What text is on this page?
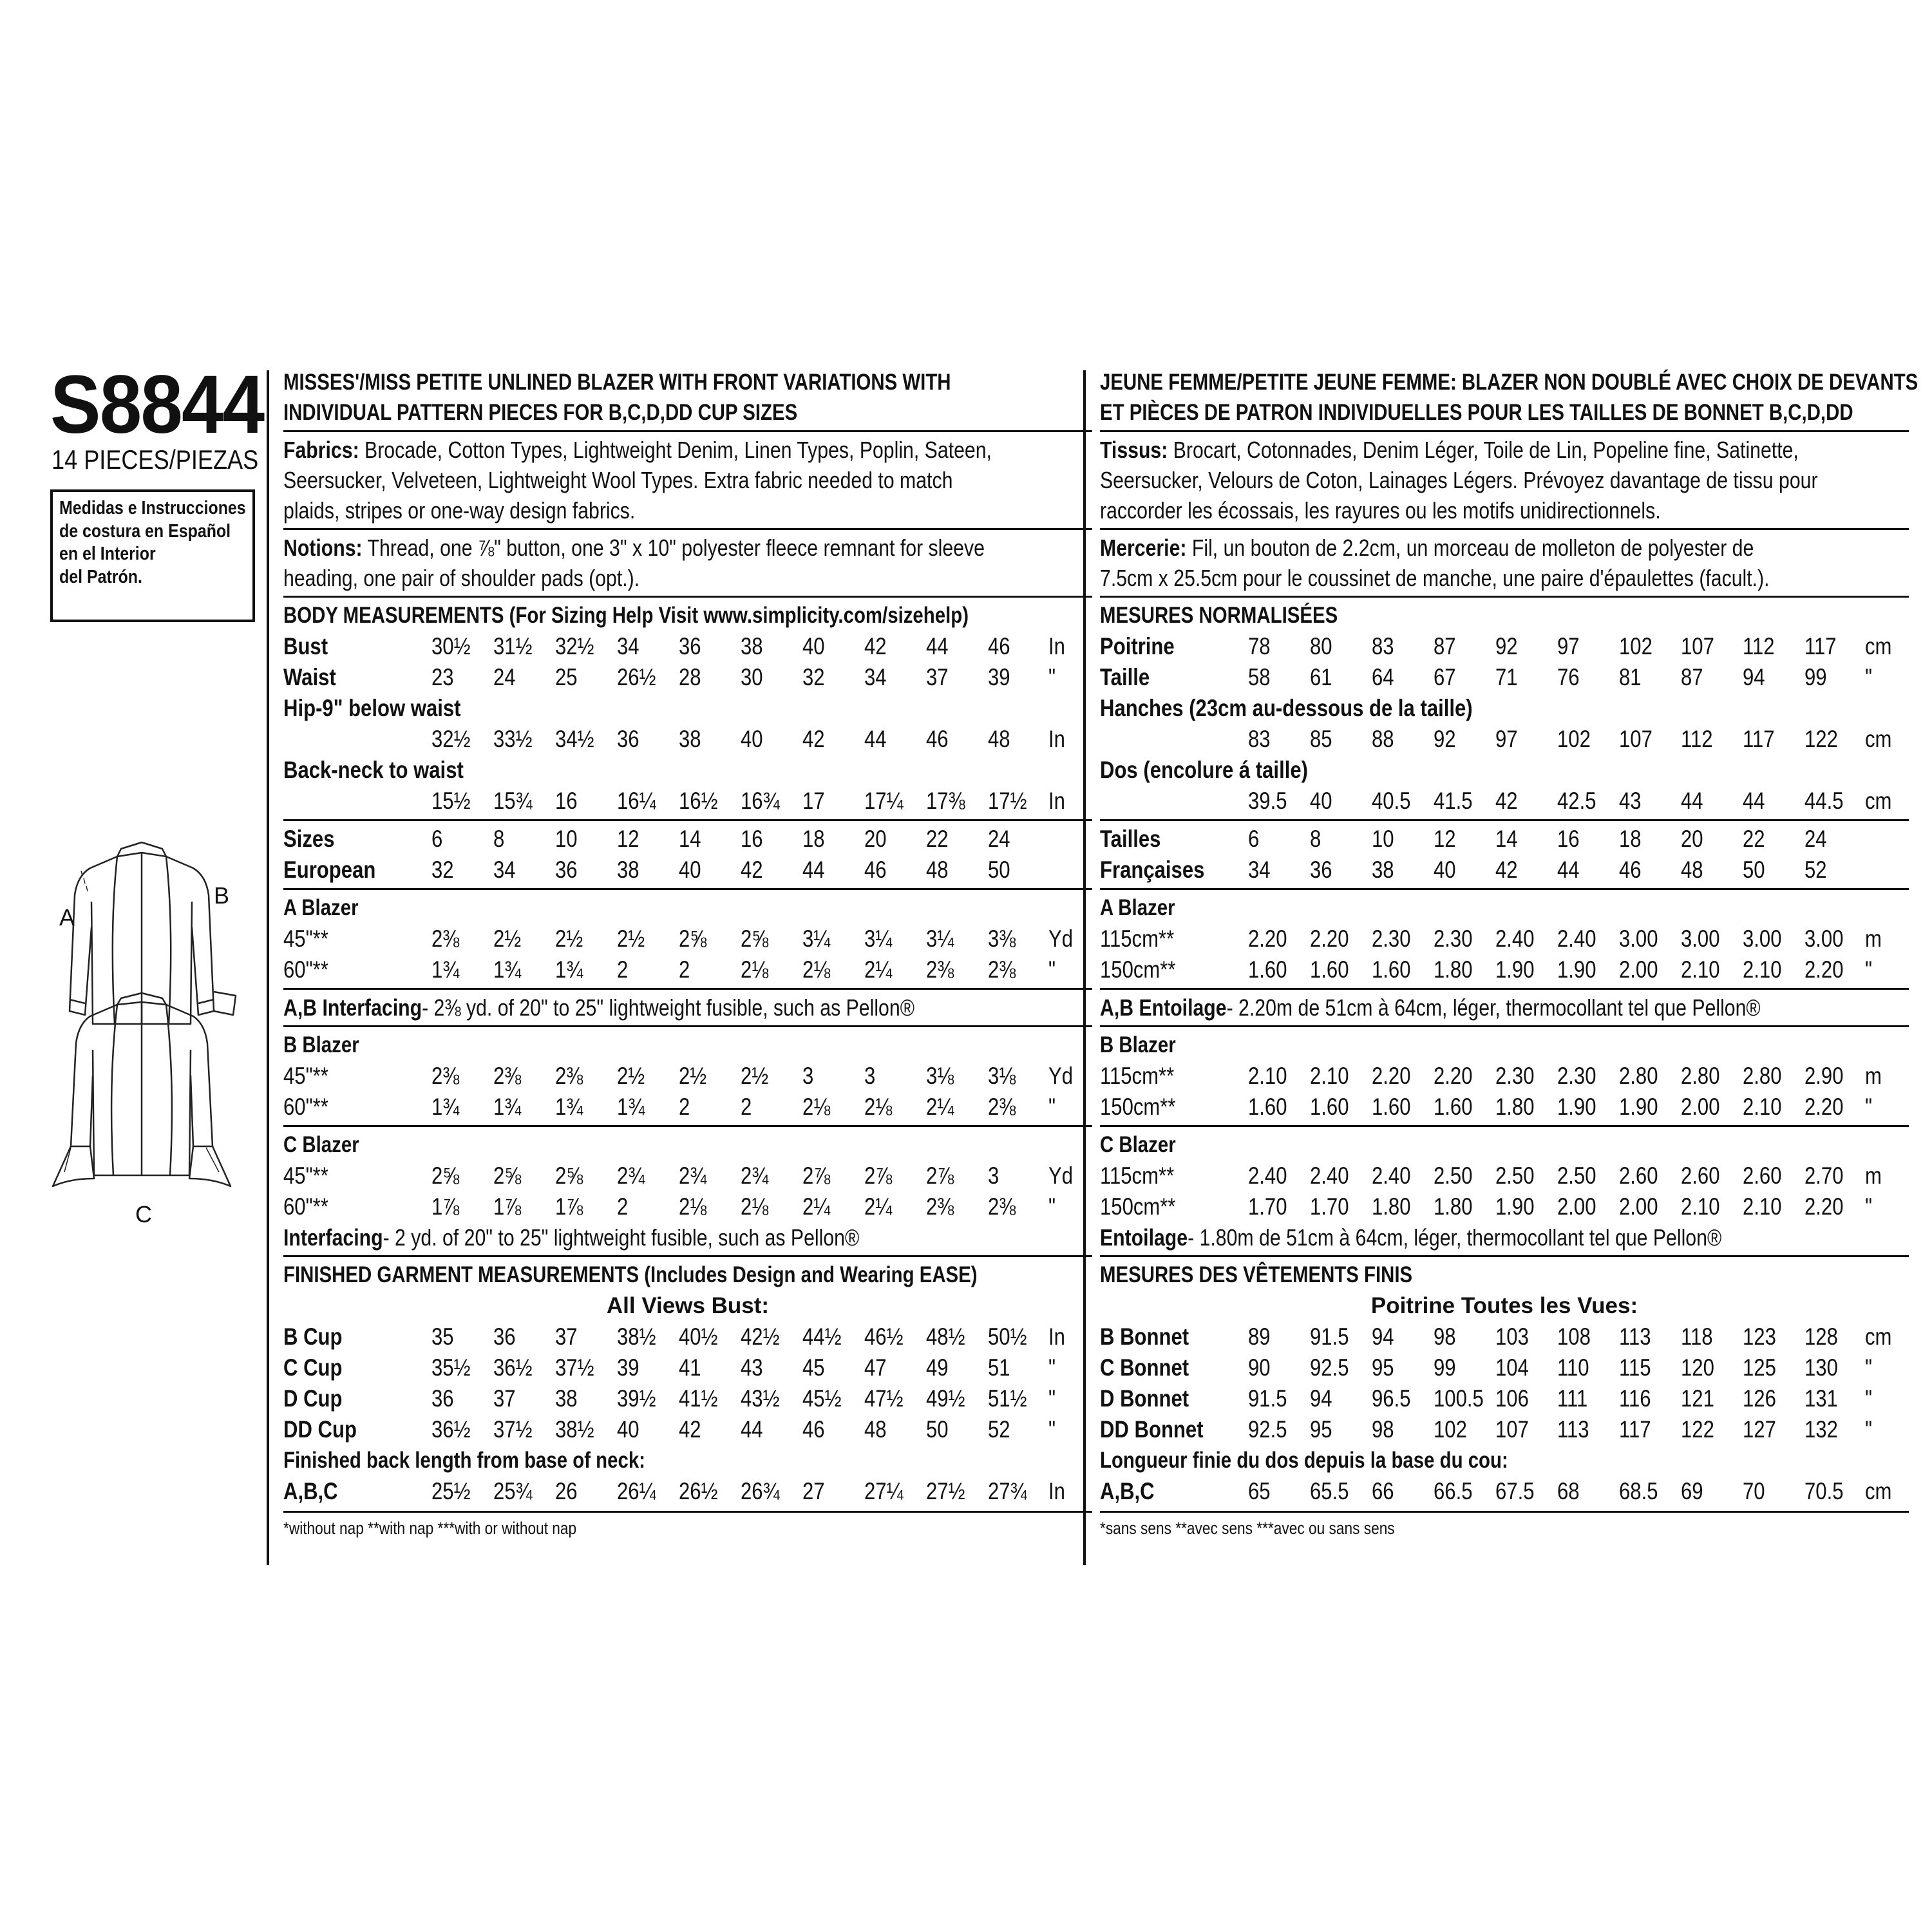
S8844
14 PIECES/PIEZAS
Medidas e Instrucciones
de costura en Español
en el Interior
del Patrón.
A
B
C
MISSES'/MISS PETITE UNLINED BLAZER WITH FRONT VARIATIONS WITH
INDIVIDUAL PATTERN PIECES FOR B,C,D,DD CUP SIZES
Fabrics: Brocade, Cotton Types, Lightweight Denim, Linen Types, Poplin, Sateen,
Seersucker, Velveteen, Lightweight Wool Types. Extra fabric needed to match
plaids, stripes or one-way design fabrics.
Notions: Thread, one ⅞" button, one 3" x 10" polyester fleece remnant for sleeve
heading, one pair of shoulder pads (opt.).
BODY MEASUREMENTS (For Sizing Help Visit www.simplicity.com/sizehelp)
Bust	30½ 31½ 32½ 34 36 38 40 42 44 46 In
Waist	23 24 25 26½ 28 30 32 34 37 39 "
Hip-9" below waist
32½ 33½ 34½ 36 38 40 42 44 46 48 In
Back-neck to waist
15½ 15¾ 16 16¼ 16½ 16¾ 17 17¼ 17⅜ 17½ In
Sizes	6 8 10 12 14 16 18 20 22 24
European 32 34 36 38 40 42 44 46 48 50
A Blazer
45"**	2⅜ 2½ 2½ 2½ 2⅝ 2⅝ 3¼ 3¼ 3¼ 3⅜ Yd
60"**	1¾ 1¾ 1¾ 2 2 2⅛ 2⅛ 2¼ 2⅜ 2⅜ "
A,B Interfacing- 2⅜ yd. of 20" to 25" lightweight fusible, such as Pellon®
B Blazer
45"**	2⅜ 2⅜ 2⅜ 2½ 2½ 2½ 3 3 3⅛ 3⅛ Yd
60"**	1¾ 1¾ 1¾ 1¾ 2 2 2⅛ 2⅛ 2¼ 2⅜ "
C Blazer
45"**	2⅝ 2⅝ 2⅝ 2¾ 2¾ 2¾ 2⅞ 2⅞ 2⅞ 3 Yd
60"**	1⅞ 1⅞ 1⅞ 2 2⅛ 2⅛ 2¼ 2¼ 2⅜ 2⅜ "
Interfacing- 2 yd. of 20" to 25" lightweight fusible, such as Pellon®
FINISHED GARMENT MEASUREMENTS (Includes Design and Wearing EASE)
All Views Bust:
B Cup	35 36 37 38½ 40½ 42½ 44½ 46½ 48½ 50½ In
C Cup	35½ 36½ 37½ 39 41 43 45 47 49 51 "
D Cup	36 37 38 39½ 41½ 43½ 45½ 47½ 49½ 51½ "
DD Cup	36½ 37½ 38½ 40 42 44 46 48 50 52 "
Finished back length from base of neck:
A,B,C	25½ 25¾ 26 26¼ 26½ 26¾ 27 27¼ 27½ 27¾ In
*without nap **with nap ***with or without nap
JEUNE FEMME/PETITE JEUNE FEMME: BLAZER NON DOUBLÉ AVEC CHOIX DE DEVANTS
ET PIÈCES DE PATRON INDIVIDUELLES POUR LES TAILLES DE BONNET B,C,D,DD
Tissus: Brocart, Cotonnades, Denim Léger, Toile de Lin, Popeline fine, Satinette,
Seersucker, Velours de Coton, Lainages Légers. Prévoyez davantage de tissu pour
raccorder les écossais, les rayures ou les motifs unidirectionnels.
Mercerie: Fil, un bouton de 2.2cm, un morceau de molleton de polyester de
7.5cm x 25.5cm pour le coussinet de manche, une paire d'épaulettes (facult.).
MESURES NORMALISÉES
Poitrine	78 80 83 87 92 97 102 107 112 117 cm
Taille	58 61 64 67 71 76 81 87 94 99 "
Hanches (23cm au-dessous de la taille)
83 85 88 92 97 102 107 112 117 122 cm
Dos (encolure á taille)
39.5 40 40.5 41.5 42 42.5 43 44 44 44.5 cm
Tailles	6 8 10 12 14 16 18 20 22 24
Françaises 34 36 38 40 42 44 46 48 50 52
A Blazer
115cm**	2.20 2.20 2.30 2.30 2.40 2.40 3.00 3.00 3.00 3.00 m
150cm**	1.60 1.60 1.60 1.80 1.90 1.90 2.00 2.10 2.10 2.20 "
A,B Entoilage- 2.20m de 51cm à 64cm, léger, thermocollant tel que Pellon®
B Blazer
115cm**	2.10 2.10 2.20 2.20 2.30 2.30 2.80 2.80 2.80 2.90 m
150cm**	1.60 1.60 1.60 1.60 1.80 1.90 1.90 2.00 2.10 2.20 "
C Blazer
115cm**	2.40 2.40 2.40 2.50 2.50 2.50 2.60 2.60 2.60 2.70 m
150cm**	1.70 1.70 1.80 1.80 1.90 2.00 2.00 2.10 2.10 2.20 "
Entoilage- 1.80m de 51cm à 64cm, léger, thermocollant tel que Pellon®
MESURES DES VÊTEMENTS FINIS
Poitrine Toutes les Vues:
B Bonnet 89 91.5 94 98 103 108 113 118 123 128 cm
C Bonnet 90 92.5 95 99 104 110 115 120 125 130 "
D Bonnet 91.5 94 96.5 100.5 106 111 116 121 126 131 "
DD Bonnet 92.5 95 98 102 107 113 117 122 127 132 "
Longueur finie du dos depuis la base du cou:
A,B,C	65 65.5 66 66.5 67.5 68 68.5 69 70 70.5 cm
*sans sens **avec sens ***avec ou sans sens
